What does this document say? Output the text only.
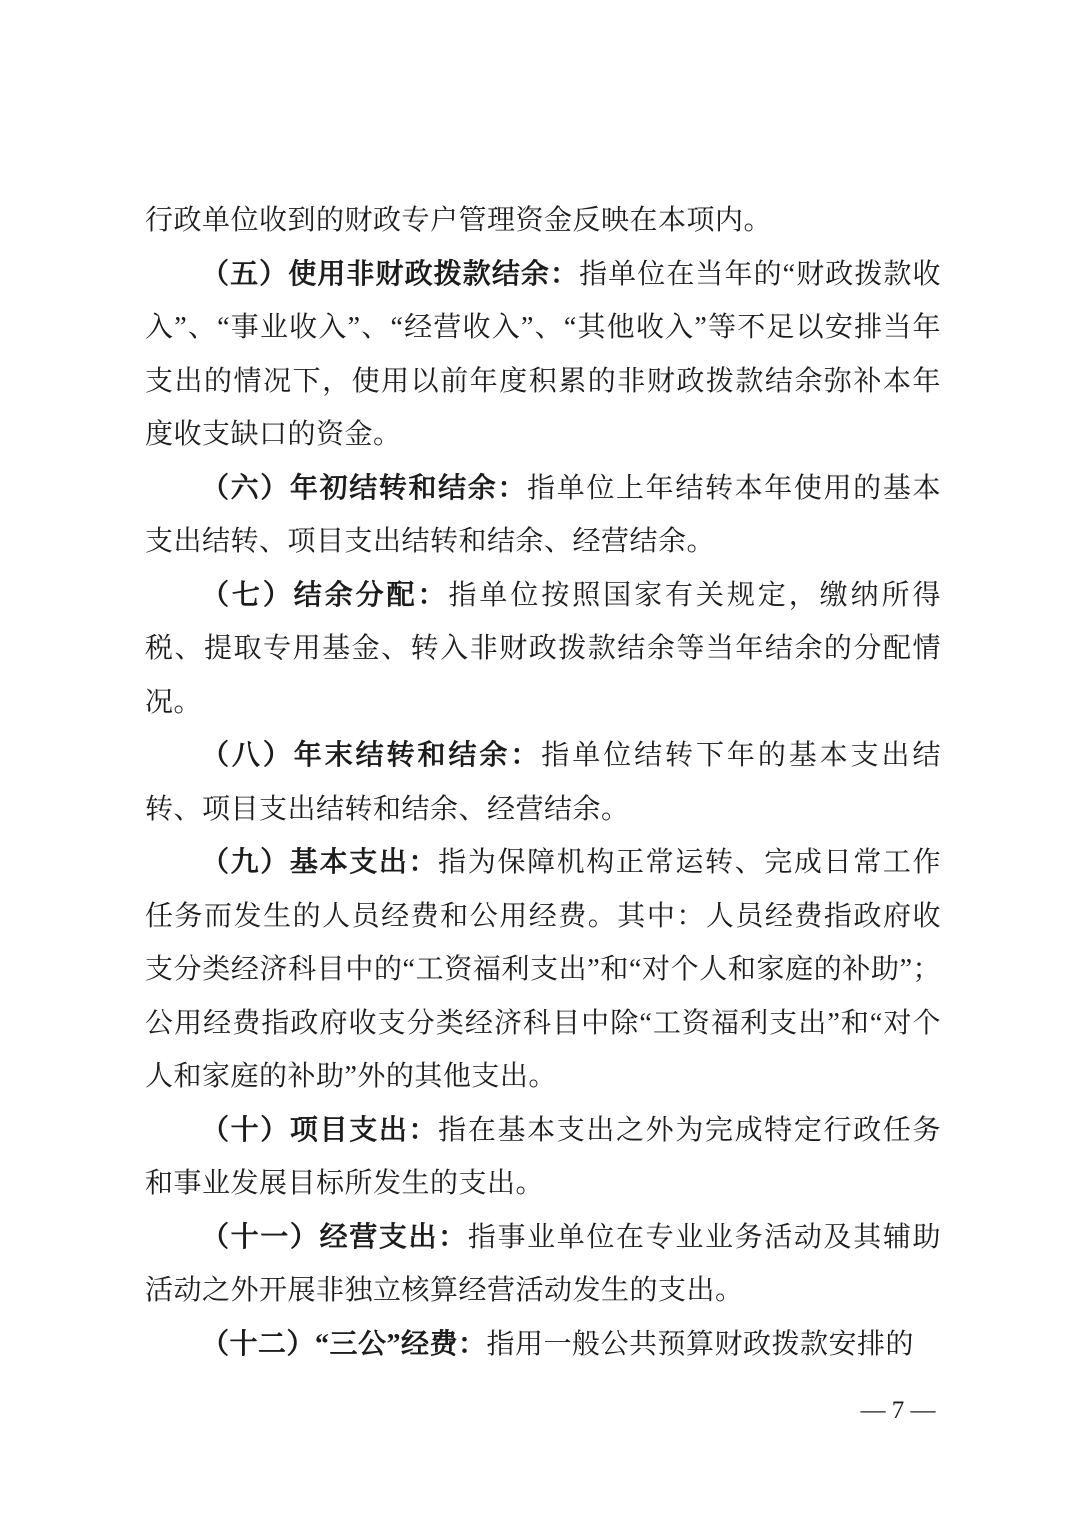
行政单位收到的财政专户管理资金反映在本项内。

（五）使用非财政拨款结余：指单位在当年的“财政拨款收入”、“事业收入”、“经营收入”、“其他收入”等不足以安排当年支出的情况下，使用以前年度积累的非财政拨款结余弥补本年度收支缺口的资金。

（六）年初结转和结余：指单位上年结转本年使用的基本支出结转、项目支出结转和结余、经营结余。

（七）结余分配：指单位按照国家有关规定，缴纳所得税、提取专用基金、转入非财政拨款结余等当年结余的分配情况。

（八）年末结转和结余：指单位结转下年的基本支出结转、项目支出结转和结余、经营结余。

（九）基本支出：指为保障机构正常运转、完成日常工作任务而发生的人员经费和公用经费。其中：人员经费指政府收支分类经济科目中的“工资福利支出”和“对个人和家庭的补助”；公用经费指政府收支分类经济科目中除“工资福利支出”和“对个人和家庭的补助”外的其他支出。

（十）项目支出：指在基本支出之外为完成特定行政任务和事业发展目标所发生的支出。

（十一）经营支出：指事业单位在专业业务活动及其辅助活动之外开展非独立核算经营活动发生的支出。

（十二）“三公”经费：指用一般公共预算财政拨款安排的

— 7 —
